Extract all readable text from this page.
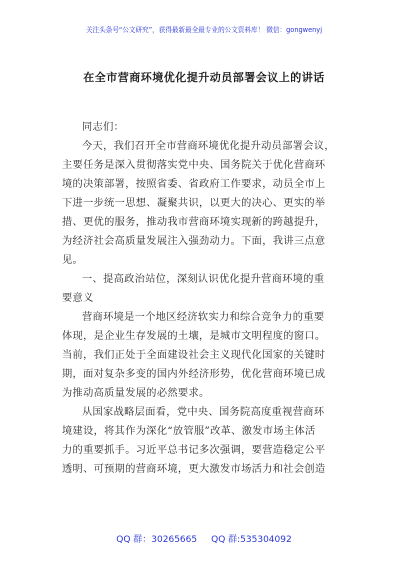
关注头条号“公文研究”，获得最新最全最专业的公文资料库！ 微信：gongwenyj
在全市营商环境优化提升动员部署会议上的讲话
同志们：
今天，我们召开全市营商环境优化提升动员部署会议，
主要任务是深入贯彻落实党中央、国务院关于优化营商环
境的决策部署，按照省委、省政府工作要求，动员全市上
下进一步统一思想、凝聚共识，以更大的决心、更实的举
措、更优的服务，推动我市营商环境实现新的跨越提升，
为经济社会高质量发展注入强劲动力。下面，我讲三点意
见。
一、提高政治站位，深刻认识优化提升营商环境的重
要意义
营商环境是一个地区经济软实力和综合竞争力的重要
体现，是企业生存发展的土壤，是城市文明程度的窗口。
当前，我们正处于全面建设社会主义现代化国家的关键时
期，面对复杂多变的国内外经济形势，优化营商环境已成
为推动高质量发展的必然要求。
从国家战略层面看，党中央、国务院高度重视营商环
境建设，将其作为深化“放管服”改革、激发市场主体活
力的重要抓手。习近平总书记多次强调，要营造稳定公平
透明、可预期的营商环境，更大激发市场活力和社会创造
QQ 群：30265665 QQ 群:535304092
